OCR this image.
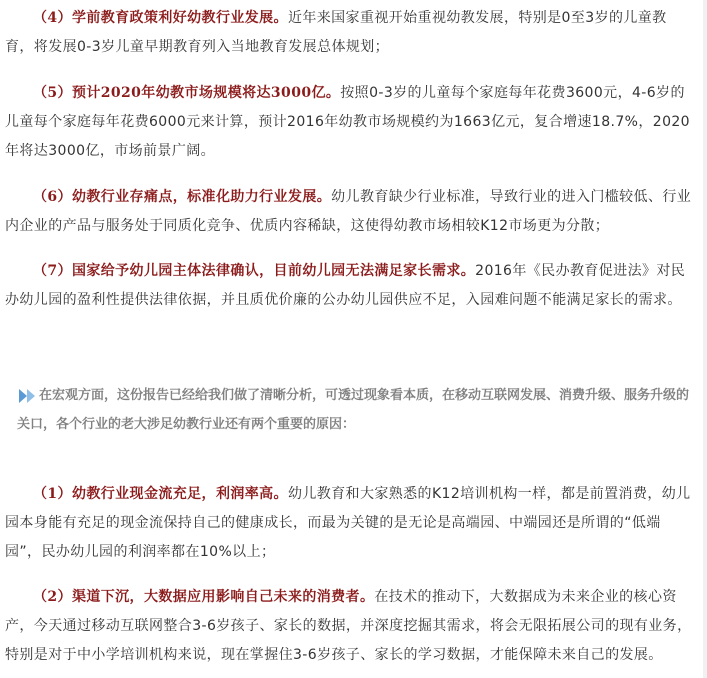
（4）学前教育政策利好幼教行业发展。近年来国家重视开始重视幼教发展，特别是0至3岁的儿童教育，将发展0-3岁儿童早期教育列入当地教育发展总体规划；

（5）预计2020年幼教市场规模将达3000亿。按照0-3岁的儿童每个家庭每年花费3600元，4-6岁的儿童每个家庭每年花费6000元来计算，预计2016年幼教市场规模约为1663亿元，复合增速18.7%，2020年将达3000亿，市场前景广阔。

（6）幼教行业存痛点，标准化助力行业发展。幼儿教育缺少行业标准，导致行业的进入门槛较低、行业内企业的产品与服务处于同质化竞争、优质内容稀缺，这使得幼教市场相较K12市场更为分散；

（7）国家给予幼儿园主体法律确认，目前幼儿园无法满足家长需求。2016年《民办教育促进法》对民办幼儿园的盈利性提供法律依据，并且质优价廉的公办幼儿园供应不足，入园难问题不能满足家长的需求。

在宏观方面，这份报告已经给我们做了清晰分析，可透过现象看本质，在移动互联网发展、消费升级、服务升级的关口，各个行业的老大涉足幼教行业还有两个重要的原因：

（1）幼教行业现金流充足，利润率高。幼儿教育和大家熟悉的K12培训机构一样，都是前置消费，幼儿园本身能有充足的现金流保持自己的健康成长，而最为关键的是无论是高端园、中端园还是所谓的“低端园”，民办幼儿园的利润率都在10%以上；

（2）渠道下沉，大数据应用影响自己未来的消费者。在技术的推动下，大数据成为未来企业的核心资产，今天通过移动互联网整合3-6岁孩子、家长的数据，并深度挖掘其需求，将会无限拓展公司的现有业务，特别是对于中小学培训机构来说，现在掌握住3-6岁孩子、家长的学习数据，才能保障未来自己的发展。
